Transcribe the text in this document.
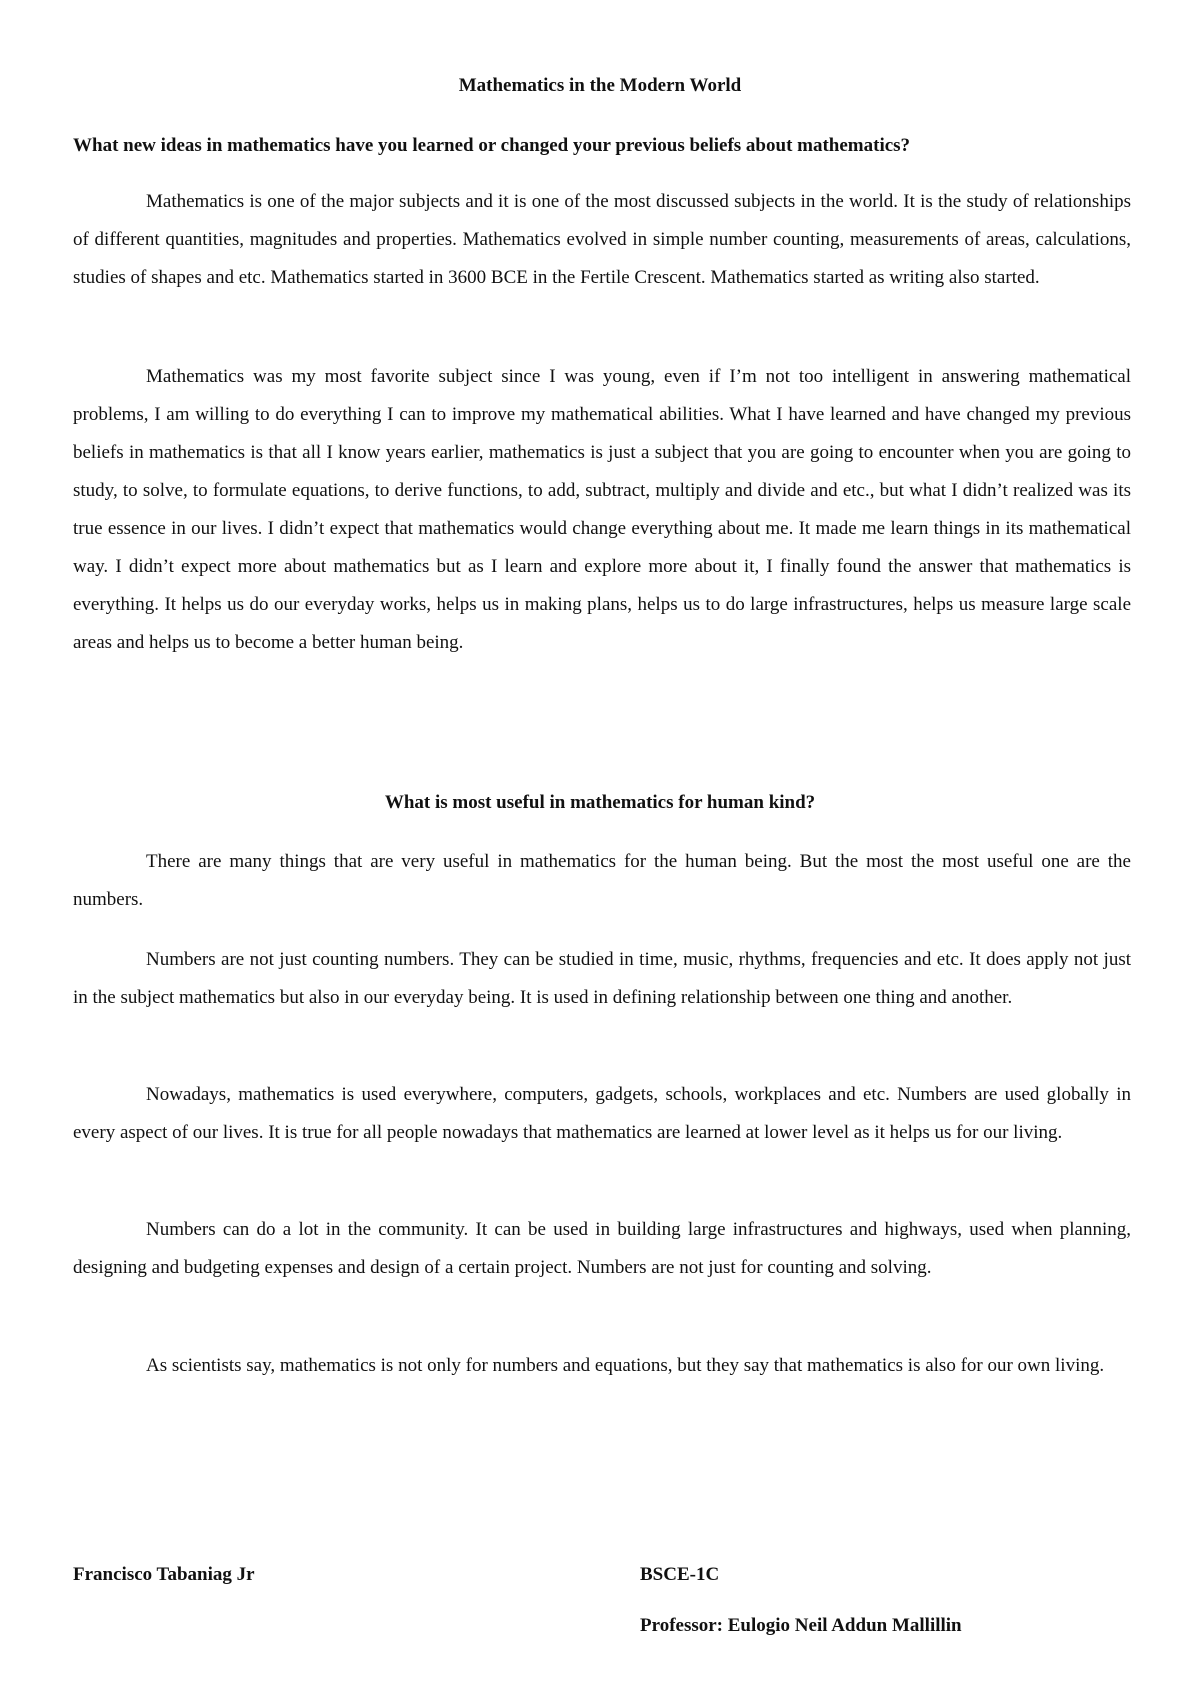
Mathematics in the Modern World
What new ideas in mathematics have you learned or changed your previous beliefs about mathematics?

Mathematics is one of the major subjects and it is one of the most discussed subjects in the world. It is the study of relationships of different quantities, magnitudes and properties. Mathematics evolved in simple number counting, measurements of areas, calculations, studies of shapes and etc. Mathematics started in 3600 BCE in the Fertile Crescent. Mathematics started as writing also started.

Mathematics was my most favorite subject since I was young, even if I’m not too intelligent in answering mathematical problems, I am willing to do everything I can to improve my mathematical abilities. What I have learned and have changed my previous beliefs in mathematics is that all I know years earlier, mathematics is just a subject that you are going to encounter when you are going to study, to solve, to formulate equations, to derive functions, to add, subtract, multiply and divide and etc., but what I didn’t realized was its true essence in our lives. I didn’t expect that mathematics would change everything about me. It made me learn things in its mathematical way. I didn’t expect more about mathematics but as I learn and explore more about it, I finally found the answer that mathematics is everything. It helps us do our everyday works, helps us in making plans, helps us to do large infrastructures, helps us measure large scale areas and helps us to become a better human being.

What is most useful in mathematics for human kind?

There are many things that are very useful in mathematics for the human being. But the most the most useful one are the numbers.

Numbers are not just counting numbers. They can be studied in time, music, rhythms, frequencies and etc. It does apply not just in the subject mathematics but also in our everyday being. It is used in defining relationship between one thing and another.

Nowadays, mathematics is used everywhere, computers, gadgets, schools, workplaces and etc. Numbers are used globally in every aspect of our lives. It is true for all people nowadays that mathematics are learned at lower level as it helps us for our living.

Numbers can do a lot in the community. It can be used in building large infrastructures and highways, used when planning, designing and budgeting expenses and design of a certain project. Numbers are not just for counting and solving.

As scientists say, mathematics is not only for numbers and equations, but they say that mathematics is also for our own living.

Francisco Tabaniag Jr	BSCE-1C
Professor: Eulogio Neil Addun Mallillin
